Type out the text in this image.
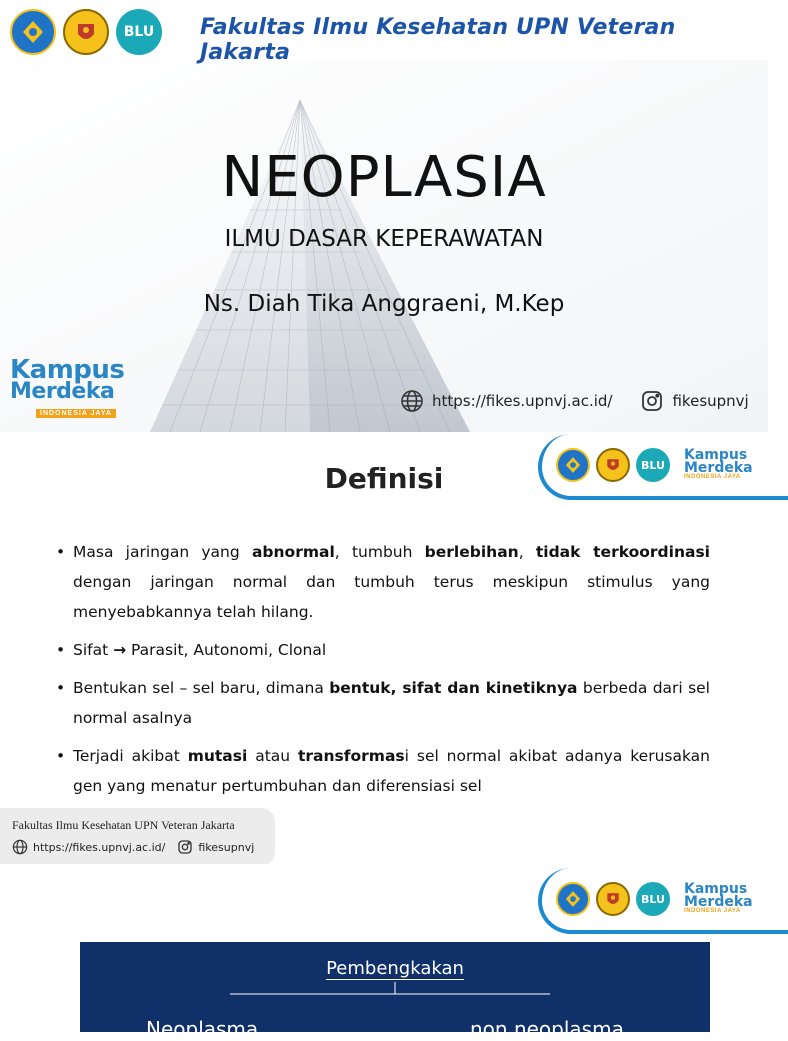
BLU	Fakultas Ilmu Kesehatan UPN Veteran Jakarta
NEOPLASIA
ILMU DASAR KEPERAWATAN
Ns. Diah Tika Anggraeni, M.Kep
Kampus
Merdeka
INDONESIA JAYA
https://fikes.upnvj.ac.id/	fikesupnvj
BLU
Kampus
Merdeka
INDONESIA JAYA
Definisi
• Masa jaringan yang abnormal, tumbuh berlebihan, tidak terkoordinasi dengan jaringan normal dan tumbuh terus meskipun stimulus yang menyebabkannya telah hilang.
• Sifat → Parasit, Autonomi, Clonal
• Bentukan sel – sel baru, dimana bentuk, sifat dan kinetiknya berbeda dari sel normal asalnya
• Terjadi akibat mutasi atau transformasi sel normal akibat adanya kerusakan gen yang menatur pertumbuhan dan diferensiasi sel
Fakultas Ilmu Kesehatan UPN Veteran Jakarta
https://fikes.upnvj.ac.id/	fikesupnvj
BLU
Kampus
Merdeka
INDONESIA JAYA
Pembengkakan
Neoplasma	non neoplasma
